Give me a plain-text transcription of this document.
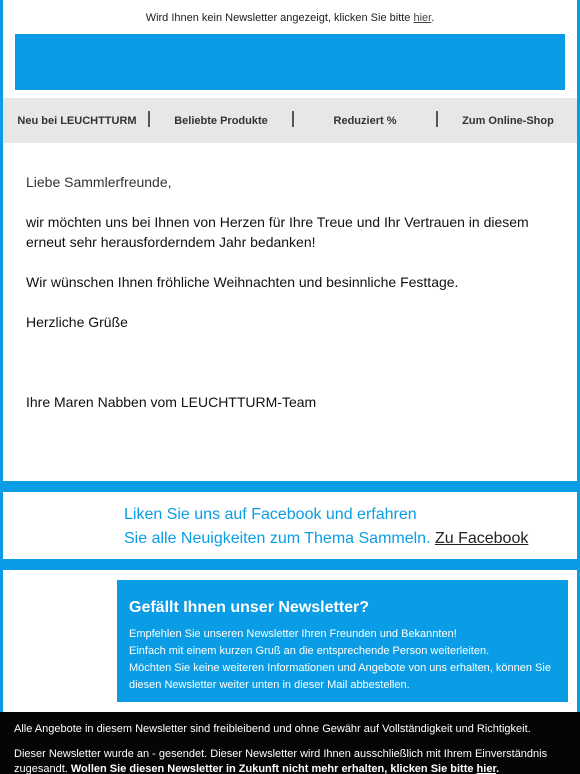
Wird Ihnen kein Newsletter angezeigt, klicken Sie bitte hier.
Neu bei LEUCHTTURM	Beliebte Produkte	Reduziert %	Zum Online-Shop

Liebe Sammlerfreunde,

wir möchten uns bei Ihnen von Herzen für Ihre Treue und Ihr Vertrauen in diesem erneut sehr herausforderndem Jahr bedanken!

Wir wünschen Ihnen fröhliche Weihnachten und besinnliche Festtage.

Herzliche Grüße

Ihre Maren Nabben vom LEUCHTTURM-Team

Liken Sie uns auf Facebook und erfahren
Sie alle Neuigkeiten zum Thema Sammeln. Zu Facebook
Gefällt Ihnen unser Newsletter?
Empfehlen Sie unseren Newsletter Ihren Freunden und Bekannten!
Einfach mit einem kurzen Gruß an die entsprechende Person weiterleiten.
Möchten Sie keine weiteren Informationen und Angebote von uns erhalten, können Sie diesen Newsletter weiter unten in dieser Mail abbestellen.
Alle Angebote in diesem Newsletter sind freibleibend und ohne Gewähr auf Vollständigkeit und Richtigkeit.
Dieser Newsletter wurde an - gesendet. Dieser Newsletter wird Ihnen ausschließlich mit Ihrem Einverständnis zugesandt. Wollen Sie diesen Newsletter in Zukunft nicht mehr erhalten, klicken Sie bitte hier.
